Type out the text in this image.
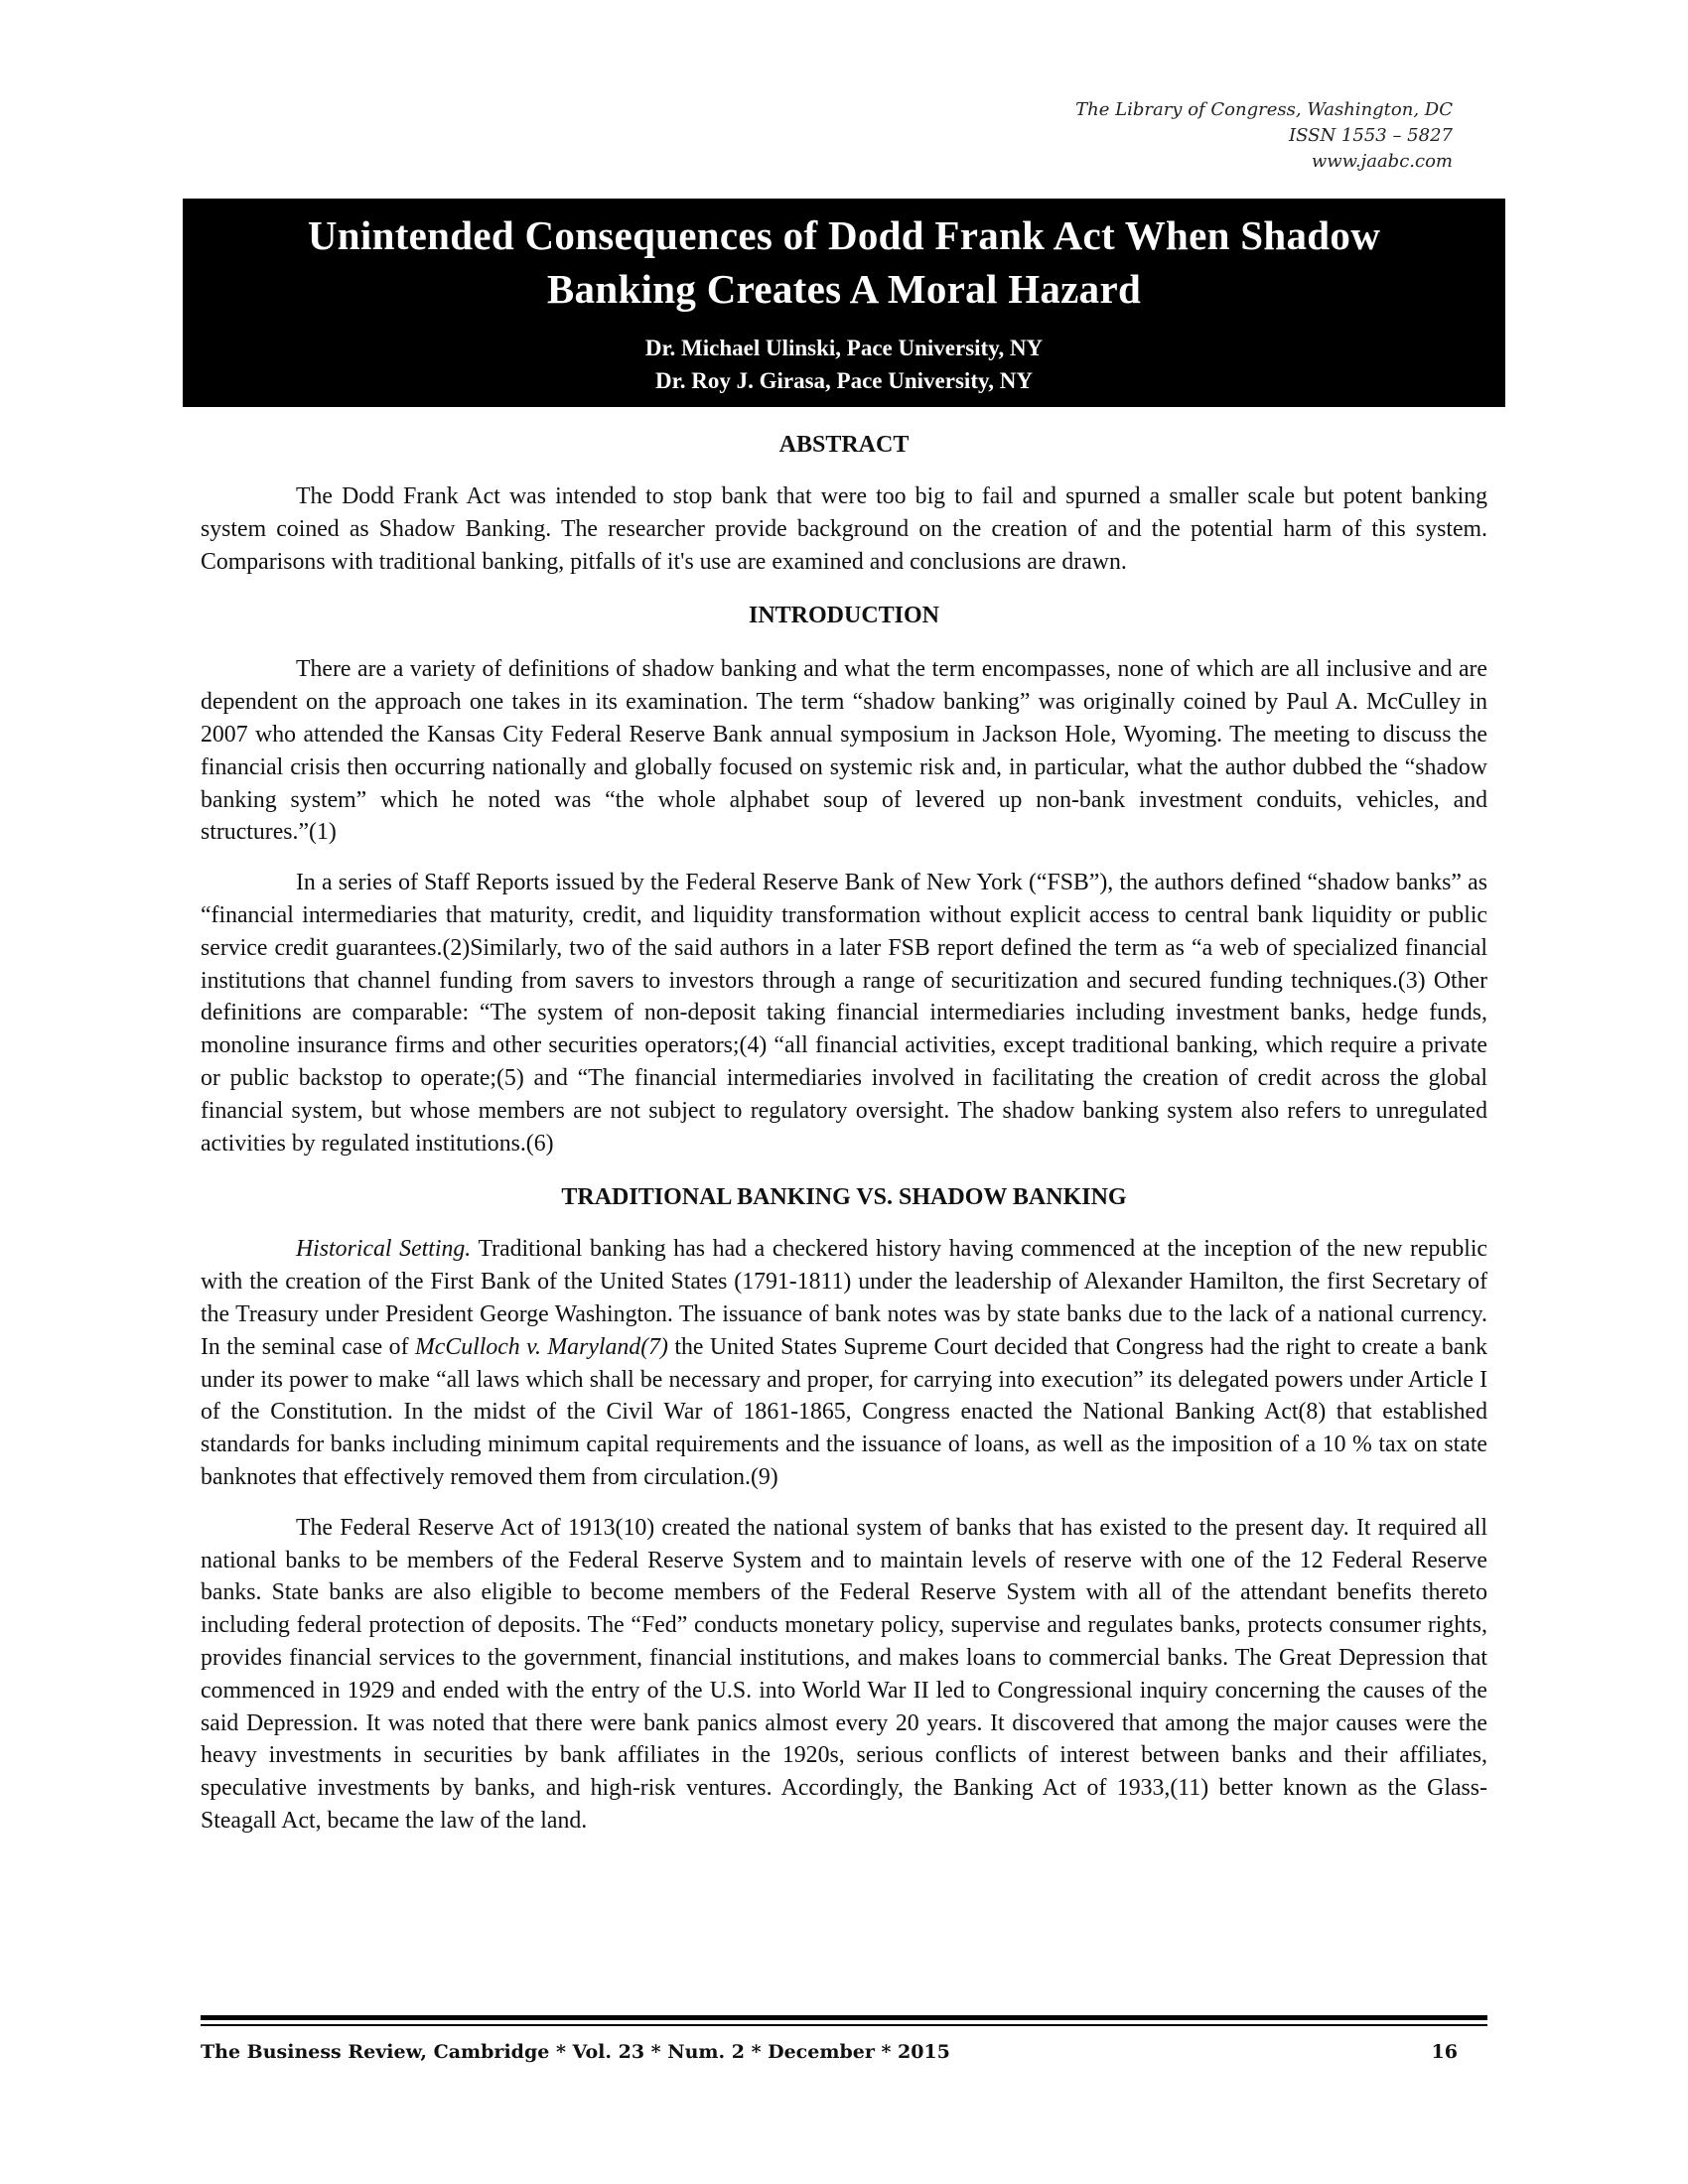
The Library of Congress, Washington, DC
ISSN 1553 – 5827
www.jaabc.com
Unintended Consequences of Dodd Frank Act When Shadow Banking Creates A Moral Hazard
Dr. Michael Ulinski, Pace University, NY
Dr. Roy J. Girasa, Pace University, NY
ABSTRACT

The Dodd Frank Act was intended to stop bank that were too big to fail and spurned a smaller scale but potent banking system coined as Shadow Banking. The researcher provide background on the creation of and the potential harm of this system. Comparisons with traditional banking, pitfalls of it's use are examined and conclusions are drawn.

INTRODUCTION

There are a variety of definitions of shadow banking and what the term encompasses, none of which are all inclusive and are dependent on the approach one takes in its examination. The term “shadow banking” was originally coined by Paul A. McCulley in 2007 who attended the Kansas City Federal Reserve Bank annual symposium in Jackson Hole, Wyoming. The meeting to discuss the financial crisis then occurring nationally and globally focused on systemic risk and, in particular, what the author dubbed the “shadow banking system” which he noted was “the whole alphabet soup of levered up non-bank investment conduits, vehicles, and structures.”(1)

In a series of Staff Reports issued by the Federal Reserve Bank of New York (“FSB”), the authors defined “shadow banks” as “financial intermediaries that maturity, credit, and liquidity transformation without explicit access to central bank liquidity or public service credit guarantees.(2)Similarly, two of the said authors in a later FSB report defined the term as “a web of specialized financial institutions that channel funding from savers to investors through a range of securitization and secured funding techniques.(3) Other definitions are comparable: “The system of non-deposit taking financial intermediaries including investment banks, hedge funds, monoline insurance firms and other securities operators;(4) “all financial activities, except traditional banking, which require a private or public backstop to operate;(5) and “The financial intermediaries involved in facilitating the creation of credit across the global financial system, but whose members are not subject to regulatory oversight. The shadow banking system also refers to unregulated activities by regulated institutions.(6)

TRADITIONAL BANKING VS. SHADOW BANKING

Historical Setting. Traditional banking has had a checkered history having commenced at the inception of the new republic with the creation of the First Bank of the United States (1791-1811) under the leadership of Alexander Hamilton, the first Secretary of the Treasury under President George Washington. The issuance of bank notes was by state banks due to the lack of a national currency. In the seminal case of McCulloch v. Maryland(7) the United States Supreme Court decided that Congress had the right to create a bank under its power to make “all laws which shall be necessary and proper, for carrying into execution” its delegated powers under Article I of the Constitution. In the midst of the Civil War of 1861-1865, Congress enacted the National Banking Act(8) that established standards for banks including minimum capital requirements and the issuance of loans, as well as the imposition of a 10 % tax on state banknotes that effectively removed them from circulation.(9)

The Federal Reserve Act of 1913(10) created the national system of banks that has existed to the present day. It required all national banks to be members of the Federal Reserve System and to maintain levels of reserve with one of the 12 Federal Reserve banks. State banks are also eligible to become members of the Federal Reserve System with all of the attendant benefits thereto including federal protection of deposits. The “Fed” conducts monetary policy, supervise and regulates banks, protects consumer rights, provides financial services to the government, financial institutions, and makes loans to commercial banks. The Great Depression that commenced in 1929 and ended with the entry of the U.S. into World War II led to Congressional inquiry concerning the causes of the said Depression. It was noted that there were bank panics almost every 20 years. It discovered that among the major causes were the heavy investments in securities by bank affiliates in the 1920s, serious conflicts of interest between banks and their affiliates, speculative investments by banks, and high-risk ventures. Accordingly, the Banking Act of 1933,(11) better known as the Glass-Steagall Act, became the law of the land.

The Business Review, Cambridge * Vol. 23 * Num. 2 * December * 2015	16
